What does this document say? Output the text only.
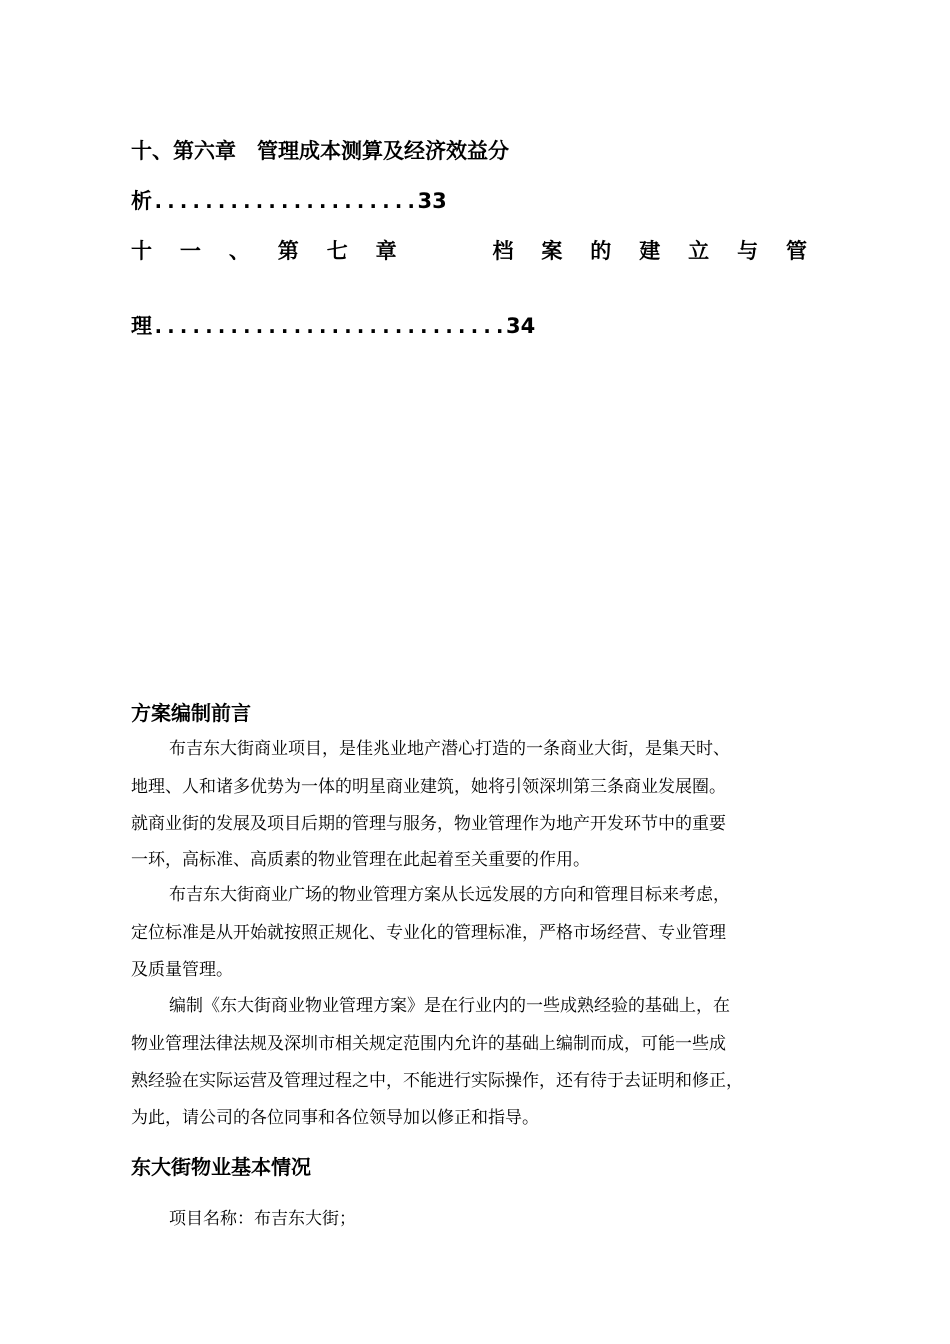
十、第六章　管理成本测算及经济效益分
析.....................33
十 一 、 第 七 章	档 案 的 建 立 与 管
理............................34
方案编制前言
布吉东大街商业项目，是佳兆业地产潜心打造的一条商业大街，是集天时、
地理、人和诸多优势为一体的明星商业建筑，她将引领深圳第三条商业发展圈。
就商业街的发展及项目后期的管理与服务，物业管理作为地产开发环节中的重要
一环，高标准、高质素的物业管理在此起着至关重要的作用。
布吉东大街商业广场的物业管理方案从长远发展的方向和管理目标来考虑，
定位标准是从开始就按照正规化、专业化的管理标准，严格市场经营、专业管理
及质量管理。
编制《东大街商业物业管理方案》是在行业内的一些成熟经验的基础上，在
物业管理法律法规及深圳市相关规定范围内允许的基础上编制而成，可能一些成
熟经验在实际运营及管理过程之中，不能进行实际操作，还有待于去证明和修正，
为此，请公司的各位同事和各位领导加以修正和指导。
东大街物业基本情况
项目名称：布吉东大街；
